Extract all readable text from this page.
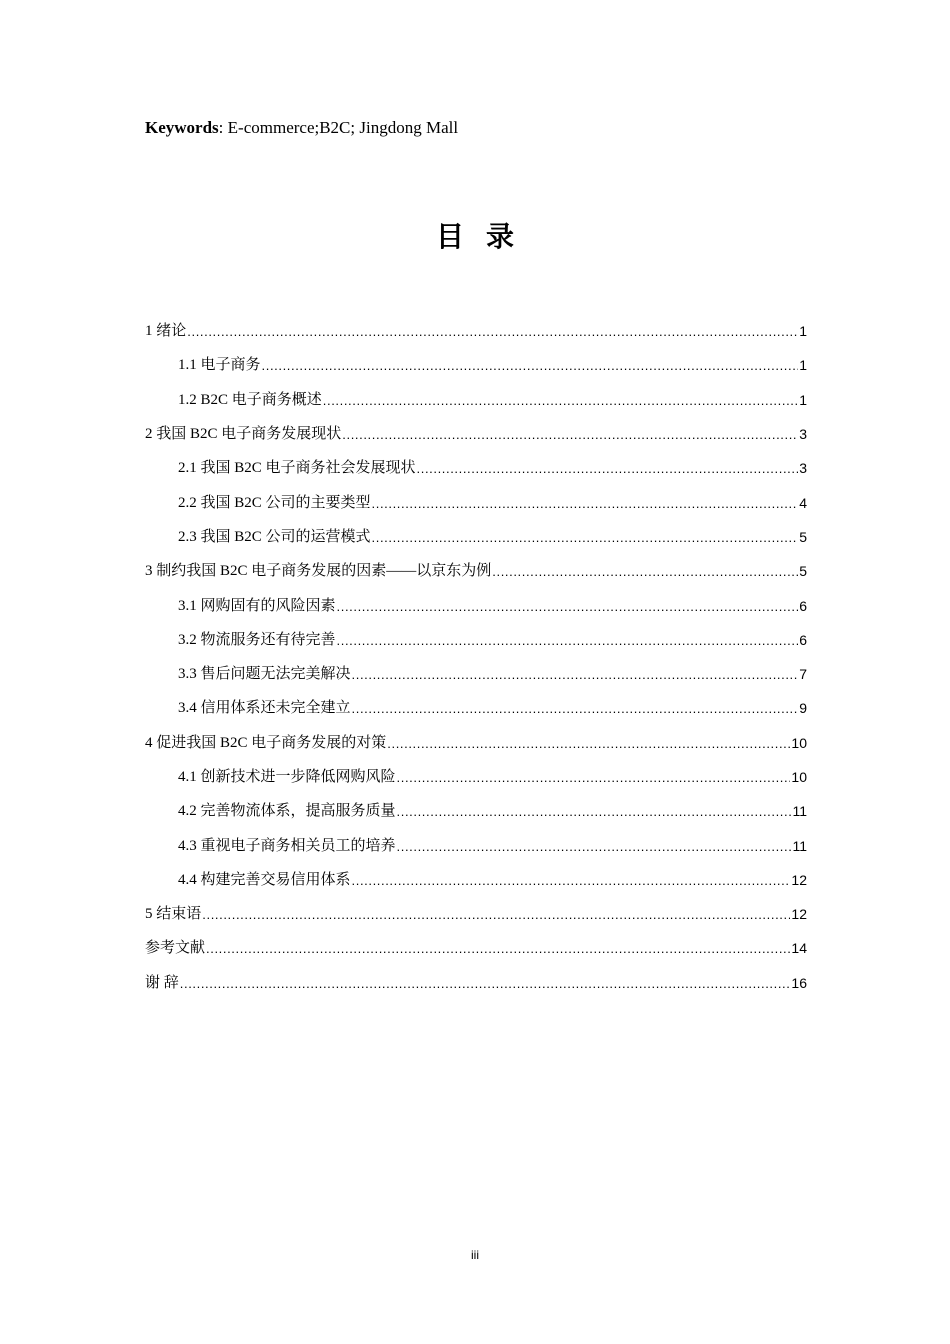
Keywords: E-commerce;B2C; Jingdong Mall
目录
1 绪论 .....	1
1.1 电子商务 .....	1
1.2 B2C 电子商务概述 .....	1
2 我国 B2C 电子商务发展现状 .....	3
2.1 我国 B2C 电子商务社会发展现状 .....	3
2.2 我国 B2C 公司的主要类型 .....	4
2.3 我国 B2C 公司的运营模式 .....	5
3 制约我国 B2C 电子商务发展的因素——以京东为例 .....	5
3.1 网购固有的风险因素 .....	6
3.2 物流服务还有待完善 .....	6
3.3 售后问题无法完美解决 .....	7
3.4 信用体系还未完全建立 .....	9
4 促进我国 B2C 电子商务发展的对策 .....	10
4.1 创新技术进一步降低网购风险 .....	10
4.2 完善物流体系，提高服务质量 .....	11
4.3 重视电子商务相关员工的培养 .....	11
4.4 构建完善交易信用体系 .....	12
5 结束语 .....	12
参考文献 .....	14
谢 辞 .....	16
iii
